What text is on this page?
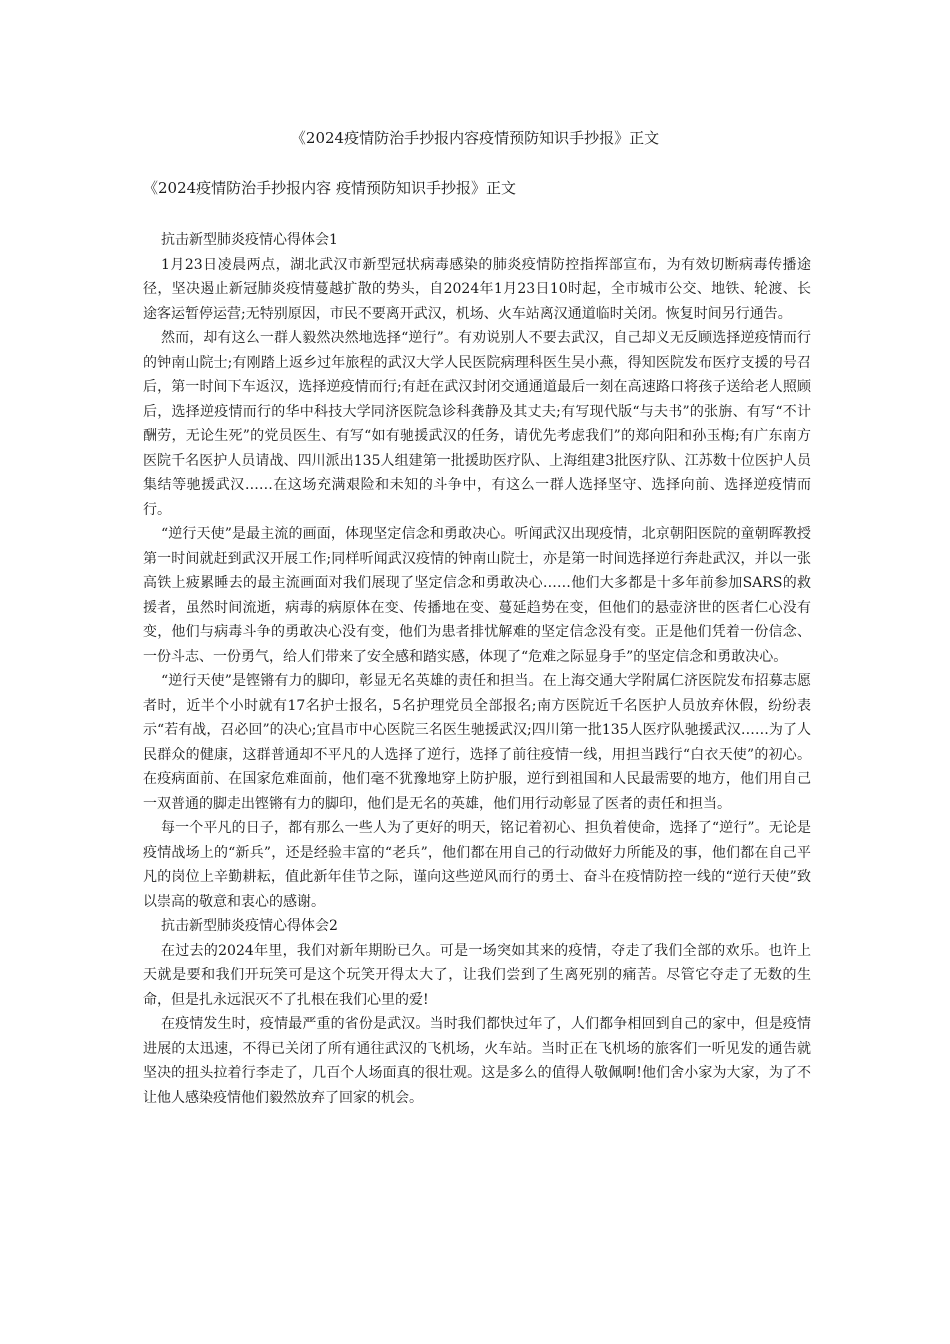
《2024疫情防治手抄报内容疫情预防知识手抄报》正文
《2024疫情防治手抄报内容 疫情预防知识手抄报》正文

抗击新型肺炎疫情心得体会1

1月23日凌晨两点，湖北武汉市新型冠状病毒感染的肺炎疫情防控指挥部宣布，为有效切断病毒传播途径，坚决遏止新冠肺炎疫情蔓越扩散的势头，自2024年1月23日10时起，全市城市公交、地铁、轮渡、长途客运暂停运营;无特别原因，市民不要离开武汉，机场、火车站离汉通道临时关闭。恢复时间另行通告。

然而，却有这么一群人毅然决然地选择“逆行”。有劝说别人不要去武汉，自己却义无反顾选择逆疫情而行的钟南山院士;有刚踏上返乡过年旅程的武汉大学人民医院病理科医生吴小燕，得知医院发布医疗支援的号召后，第一时间下车返汉，选择逆疫情而行;有赶在武汉封闭交通通道最后一刻在高速路口将孩子送给老人照顾后，选择逆疫情而行的华中科技大学同济医院急诊科龚静及其丈夫;有写现代版“与夫书”的张旃、有写“不计酬劳，无论生死”的党员医生、有写“如有驰援武汉的任务，请优先考虑我们”的郑向阳和孙玉梅;有广东南方医院千名医护人员请战、四川派出135人组建第一批援助医疗队、上海组建3批医疗队、江苏数十位医护人员集结等驰援武汉……在这场充满艰险和未知的斗争中，有这么一群人选择坚守、选择向前、选择逆疫情而行。

“逆行天使”是最主流的画面，体现坚定信念和勇敢决心。听闻武汉出现疫情，北京朝阳医院的童朝晖教授第一时间就赶到武汉开展工作;同样听闻武汉疫情的钟南山院士，亦是第一时间选择逆行奔赴武汉，并以一张高铁上疲累睡去的最主流画面对我们展现了坚定信念和勇敢决心……他们大多都是十多年前参加SARS的救援者，虽然时间流逝，病毒的病原体在变、传播地在变、蔓延趋势在变，但他们的悬壶济世的医者仁心没有变，他们与病毒斗争的勇敢决心没有变，他们为患者排忧解难的坚定信念没有变。正是他们凭着一份信念、一份斗志、一份勇气，给人们带来了安全感和踏实感，体现了“危难之际显身手”的坚定信念和勇敢决心。

“逆行天使”是铿锵有力的脚印，彰显无名英雄的责任和担当。在上海交通大学附属仁济医院发布招募志愿者时，近半个小时就有17名护士报名，5名护理党员全部报名;南方医院近千名医护人员放弃休假，纷纷表示“若有战，召必回”的决心;宜昌市中心医院三名医生驰援武汉;四川第一批135人医疗队驰援武汉……为了人民群众的健康，这群普通却不平凡的人选择了逆行，选择了前往疫情一线，用担当践行“白衣天使”的初心。在疫病面前、在国家危难面前，他们毫不犹豫地穿上防护服，逆行到祖国和人民最需要的地方，他们用自己一双普通的脚走出铿锵有力的脚印，他们是无名的英雄，他们用行动彰显了医者的责任和担当。

每一个平凡的日子，都有那么一些人为了更好的明天，铭记着初心、担负着使命，选择了“逆行”。无论是疫情战场上的“新兵”，还是经验丰富的“老兵”，他们都在用自己的行动做好力所能及的事，他们都在自己平凡的岗位上辛勤耕耘，值此新年佳节之际，谨向这些逆风而行的勇士、奋斗在疫情防控一线的“逆行天使”致以崇高的敬意和衷心的感谢。

抗击新型肺炎疫情心得体会2

在过去的2024年里，我们对新年期盼已久。可是一场突如其来的疫情，夺走了我们全部的欢乐。也许上天就是要和我们开玩笑可是这个玩笑开得太大了，让我们尝到了生离死别的痛苦。尽管它夺走了无数的生命，但是扎永远泯灭不了扎根在我们心里的爱!

在疫情发生时，疫情最严重的省份是武汉。当时我们都快过年了，人们都争相回到自己的家中，但是疫情进展的太迅速，不得已关闭了所有通往武汉的飞机场，火车站。当时正在飞机场的旅客们一听见发的通告就坚决的扭头拉着行李走了，几百个人场面真的很壮观。这是多么的值得人敬佩啊!他们舍小家为大家，为了不让他人感染疫情他们毅然放弃了回家的机会。
